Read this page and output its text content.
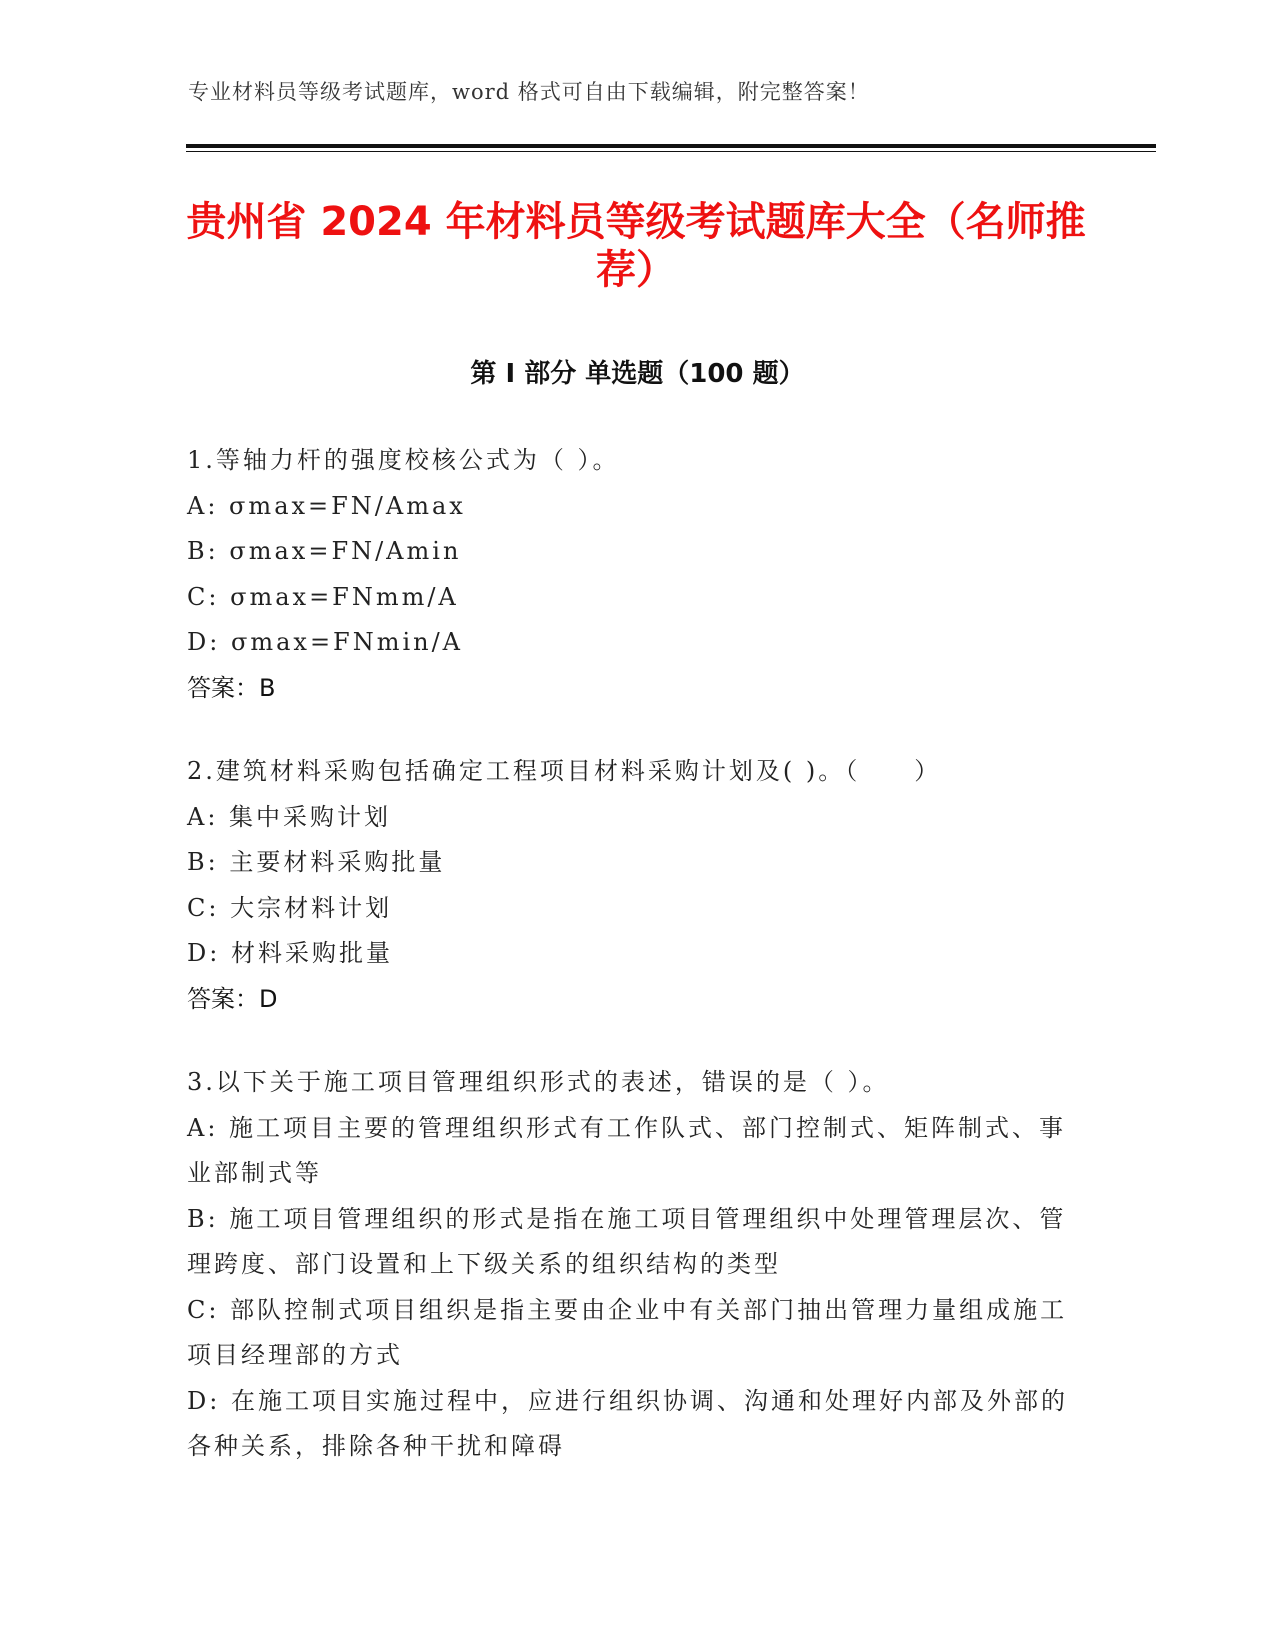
专业材料员等级考试题库，word 格式可自由下载编辑，附完整答案！
贵州省 2024 年材料员等级考试题库大全（名师推荐）
第 I 部分 单选题（100 题）
1.等轴力杆的强度校核公式为（ ）。
A: σmax=FN/Amax
B: σmax=FN/Amin
C: σmax=FNmm/A
D: σmax=FNmin/A
答案：B
2.建筑材料采购包括确定工程项目材料采购计划及( )。（　　）
A: 集中采购计划
B: 主要材料采购批量
C: 大宗材料计划
D: 材料采购批量
答案：D
3.以下关于施工项目管理组织形式的表述，错误的是（ ）。
A: 施工项目主要的管理组织形式有工作队式、部门控制式、矩阵制式、事业部制式等
B: 施工项目管理组织的形式是指在施工项目管理组织中处理管理层次、管理跨度、部门设置和上下级关系的组织结构的类型
C: 部队控制式项目组织是指主要由企业中有关部门抽出管理力量组成施工项目经理部的方式
D: 在施工项目实施过程中，应进行组织协调、沟通和处理好内部及外部的各种关系，排除各种干扰和障碍
